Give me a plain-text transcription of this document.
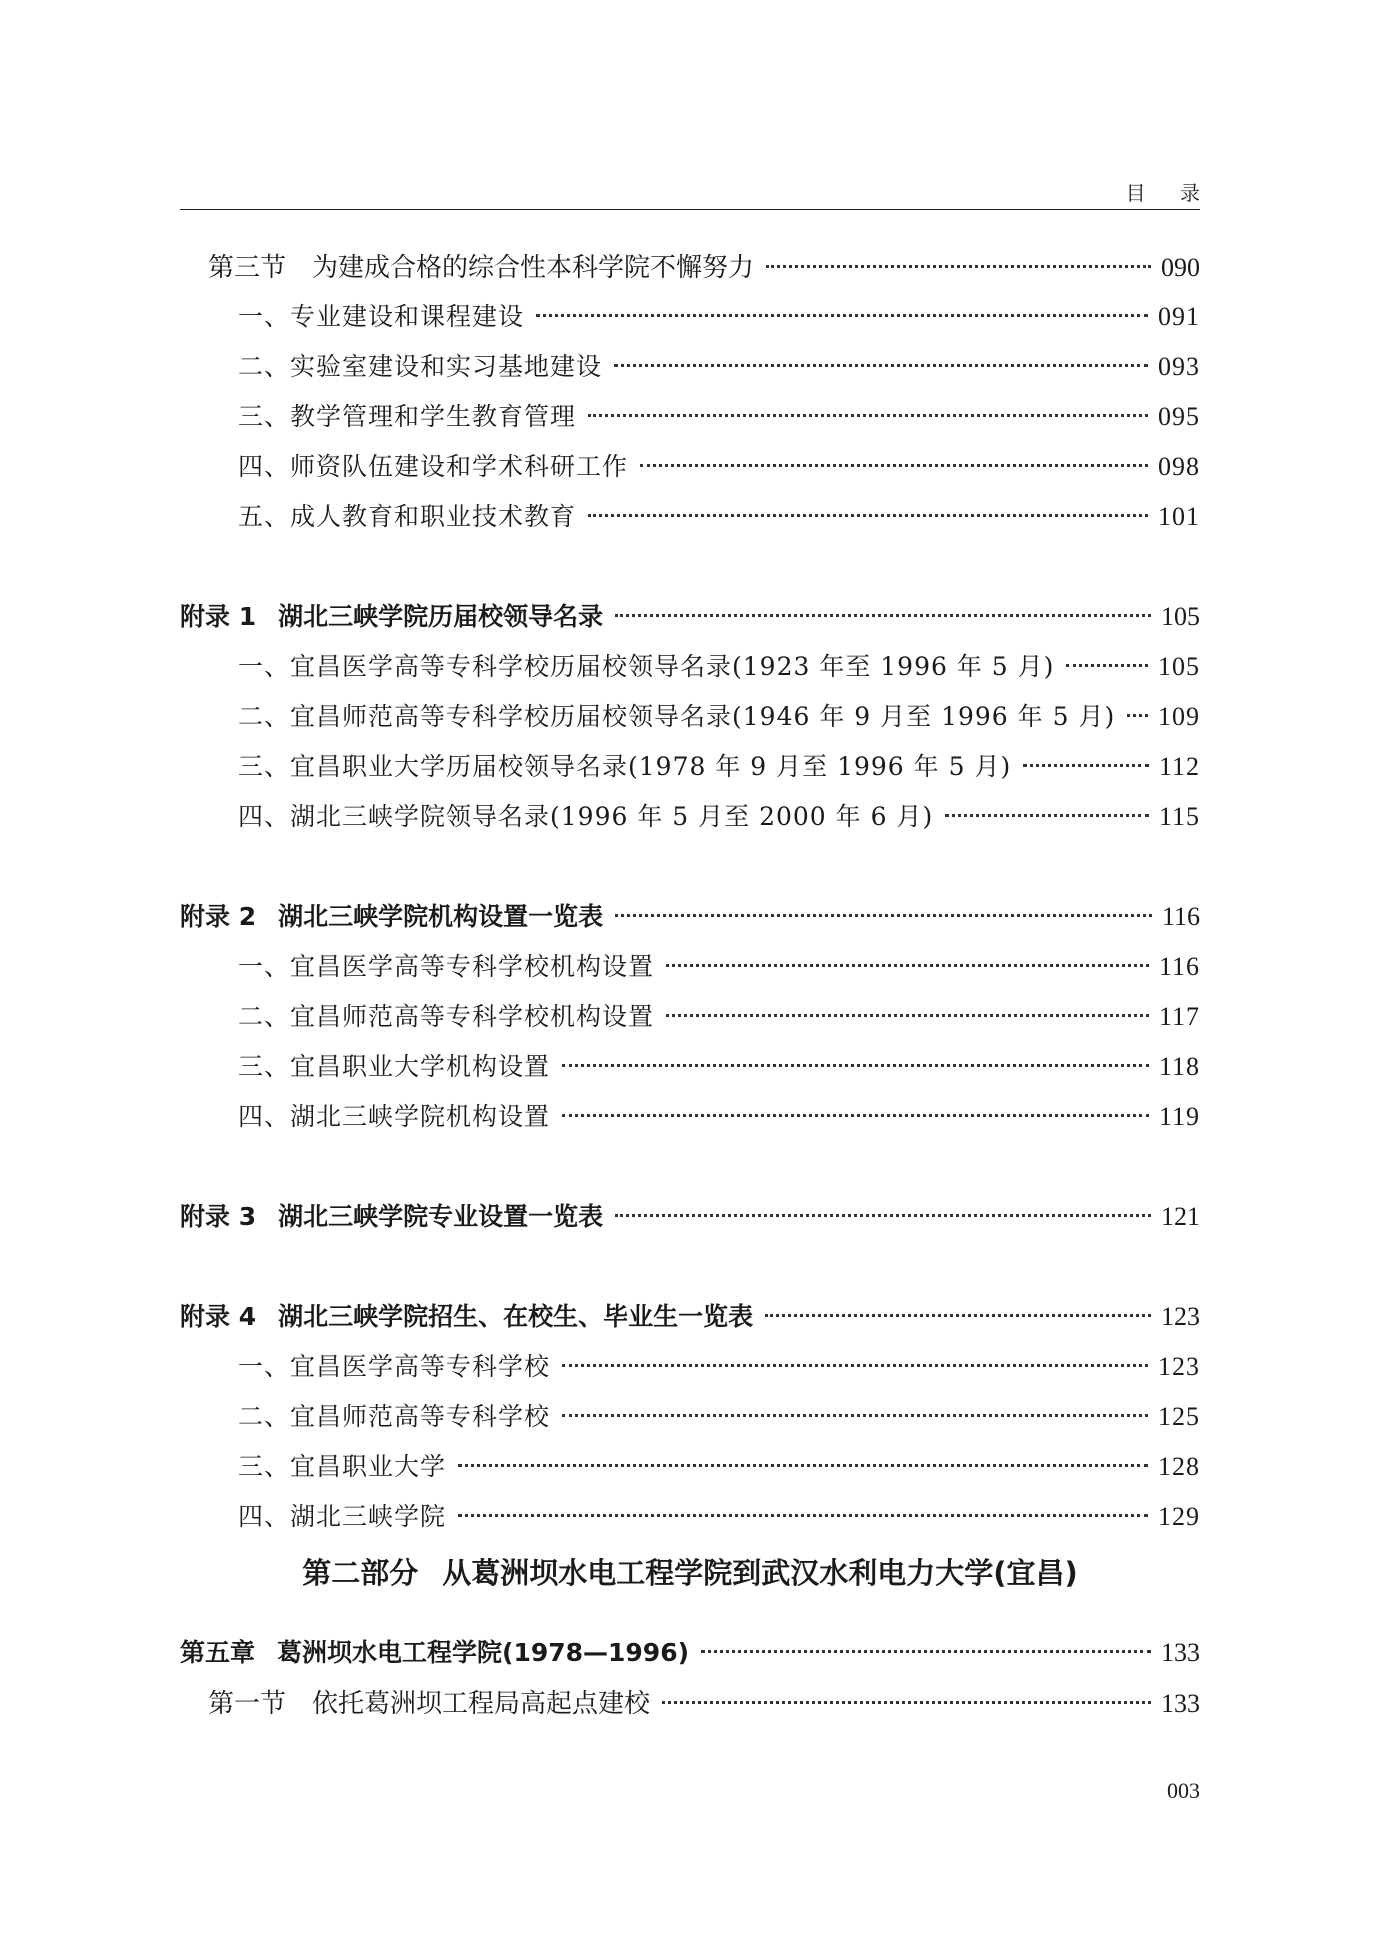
目 录
第三节 为建成合格的综合性本科学院不懈努力	090
一、专业建设和课程建设	091
二、实验室建设和实习基地建设	093
三、教学管理和学生教育管理	095
四、师资队伍建设和学术科研工作	098
五、成人教育和职业技术教育	101
附录 1 湖北三峡学院历届校领导名录	105
一、宜昌医学高等专科学校历届校领导名录(1923 年至 1996 年 5 月)	105
二、宜昌师范高等专科学校历届校领导名录(1946 年 9 月至 1996 年 5 月) 109
三、宜昌职业大学历届校领导名录(1978 年 9 月至 1996 年 5 月)	112
四、湖北三峡学院领导名录(1996 年 5 月至 2000 年 6 月)	115
附录 2 湖北三峡学院机构设置一览表	116
一、宜昌医学高等专科学校机构设置	116
二、宜昌师范高等专科学校机构设置	117
三、宜昌职业大学机构设置	118
四、湖北三峡学院机构设置	119
附录 3 湖北三峡学院专业设置一览表	121
附录 4 湖北三峡学院招生、在校生、毕业生一览表	123
一、宜昌医学高等专科学校	123
二、宜昌师范高等专科学校	125
三、宜昌职业大学	128
四、湖北三峡学院	129
第二部分 从葛洲坝水电工程学院到武汉水利电力大学(宜昌)
第五章 葛洲坝水电工程学院(1978—1996)	133
第一节 依托葛洲坝工程局高起点建校	133
003
